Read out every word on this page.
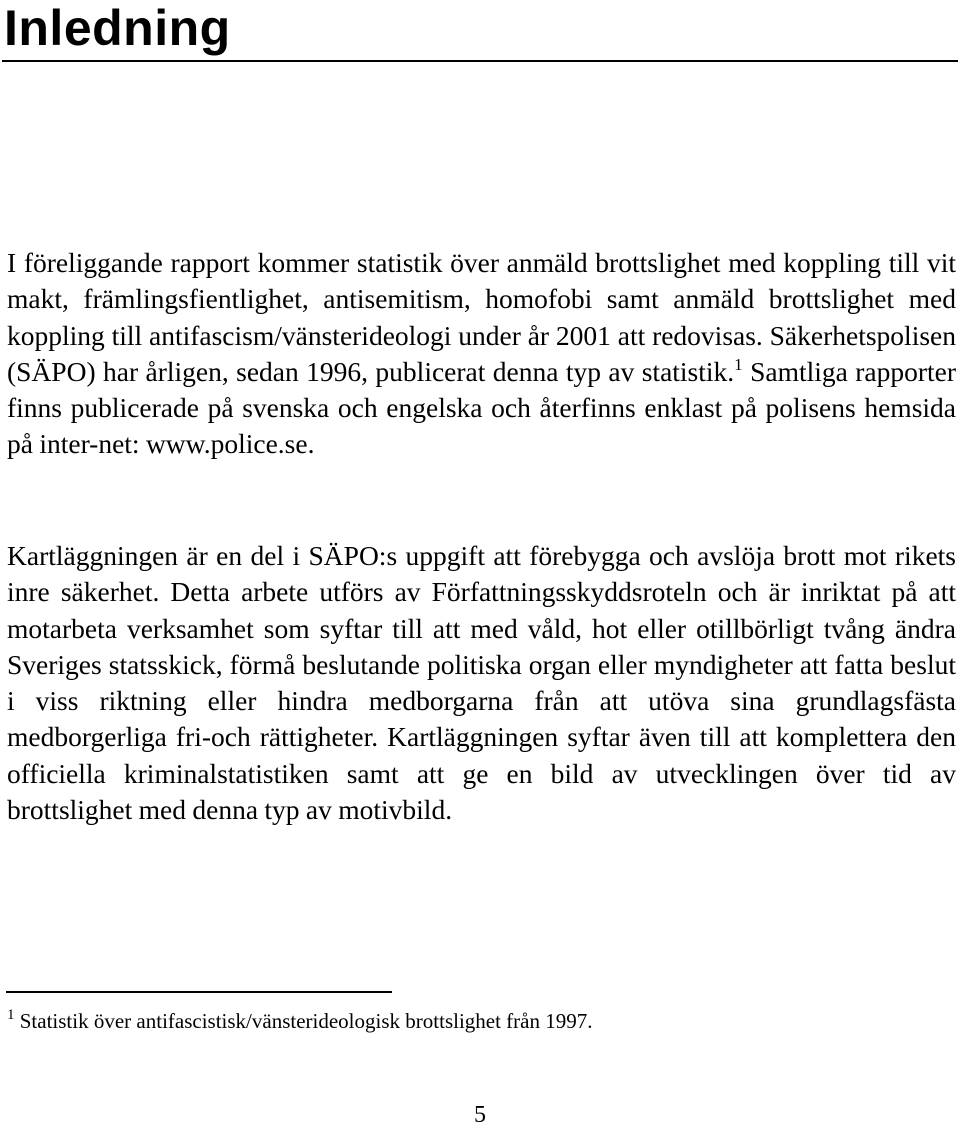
Inledning

I föreliggande rapport kommer statistik över anmäld brottslighet med koppling till vit makt, främlingsfientlighet, antisemitism, homofobi samt anmäld brottslighet med koppling till antifascism/vänsterideologi under år 2001 att redovisas. Säkerhetspolisen (SÄPO) har årligen, sedan 1996, publicerat denna typ av statistik.$^1$ Samtliga rapporter finns publicerade på svenska och engelska och återfinns enklast på polisens hemsida på inter-net: www.police.se.

Kartläggningen är en del i SÄPO:s uppgift att förebygga och avslöja brott mot rikets inre säkerhet. Detta arbete utförs av Författningsskyddsroteln och är inriktat på att motarbeta verksamhet som syftar till att med våld, hot eller otillbörligt tvång ändra Sveriges statsskick, förmå beslutande politiska organ eller myndigheter att fatta beslut i viss riktning eller hindra medborgarna från att utöva sina grundlagsfästa medborgerliga fri-och rättigheter. Kartläggningen syftar även till att komplettera den officiella kriminalstatistiken samt att ge en bild av utvecklingen över tid av brottslighet med denna typ av motivbild.

$^1$ Statistik över antifascistisk/vänsterideologisk brottslighet från 1997.

5
